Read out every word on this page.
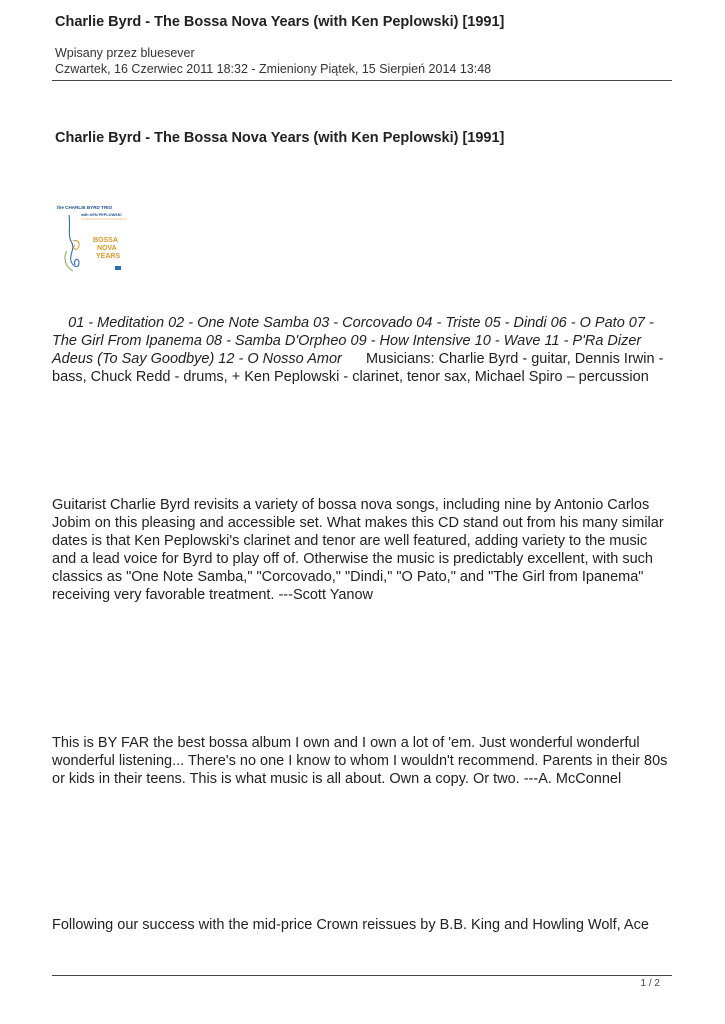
Charlie Byrd - The Bossa Nova Years (with Ken Peplowski) [1991]
Wpisany przez bluesever
Czwartek, 16 Czerwiec 2011 18:32 - Zmieniony Piątek, 15 Sierpień 2014 13:48
Charlie Byrd - The Bossa Nova Years (with Ken Peplowski) [1991]
the CHARLIE BYRD TRIO
with KEN PEPLOWSKI
BOSSA
NOVA
YEARS
01 - Meditation 02 - One Note Samba 03 - Corcovado 04 - Triste 05 - Dindi 06 - O Pato 07 - The Girl From Ipanema 08 - Samba D'Orpheo 09 - How Intensive 10 - Wave 11 - P'Ra Dizer Adeus (To Say Goodbye) 12 - O Nosso Amor Musicians: Charlie Byrd - guitar, Dennis Irwin - bass, Chuck Redd - drums, + Ken Peplowski - clarinet, tenor sax, Michael Spiro – percussion
Guitarist Charlie Byrd revisits a variety of bossa nova songs, including nine by Antonio Carlos Jobim on this pleasing and accessible set. What makes this CD stand out from his many similar dates is that Ken Peplowski's clarinet and tenor are well featured, adding variety to the music and a lead voice for Byrd to play off of. Otherwise the music is predictably excellent, with such classics as "One Note Samba," "Corcovado," "Dindi," "O Pato," and "The Girl from Ipanema" receiving very favorable treatment. ---Scott Yanow
This is BY FAR the best bossa album I own and I own a lot of 'em. Just wonderful wonderful wonderful listening... There's no one I know to whom I wouldn't recommend. Parents in their 80s or kids in their teens. This is what music is all about. Own a copy. Or two. ---A. McConnel
Following our success with the mid-price Crown reissues by B.B. King and Howling Wolf, Ace
1 / 2
